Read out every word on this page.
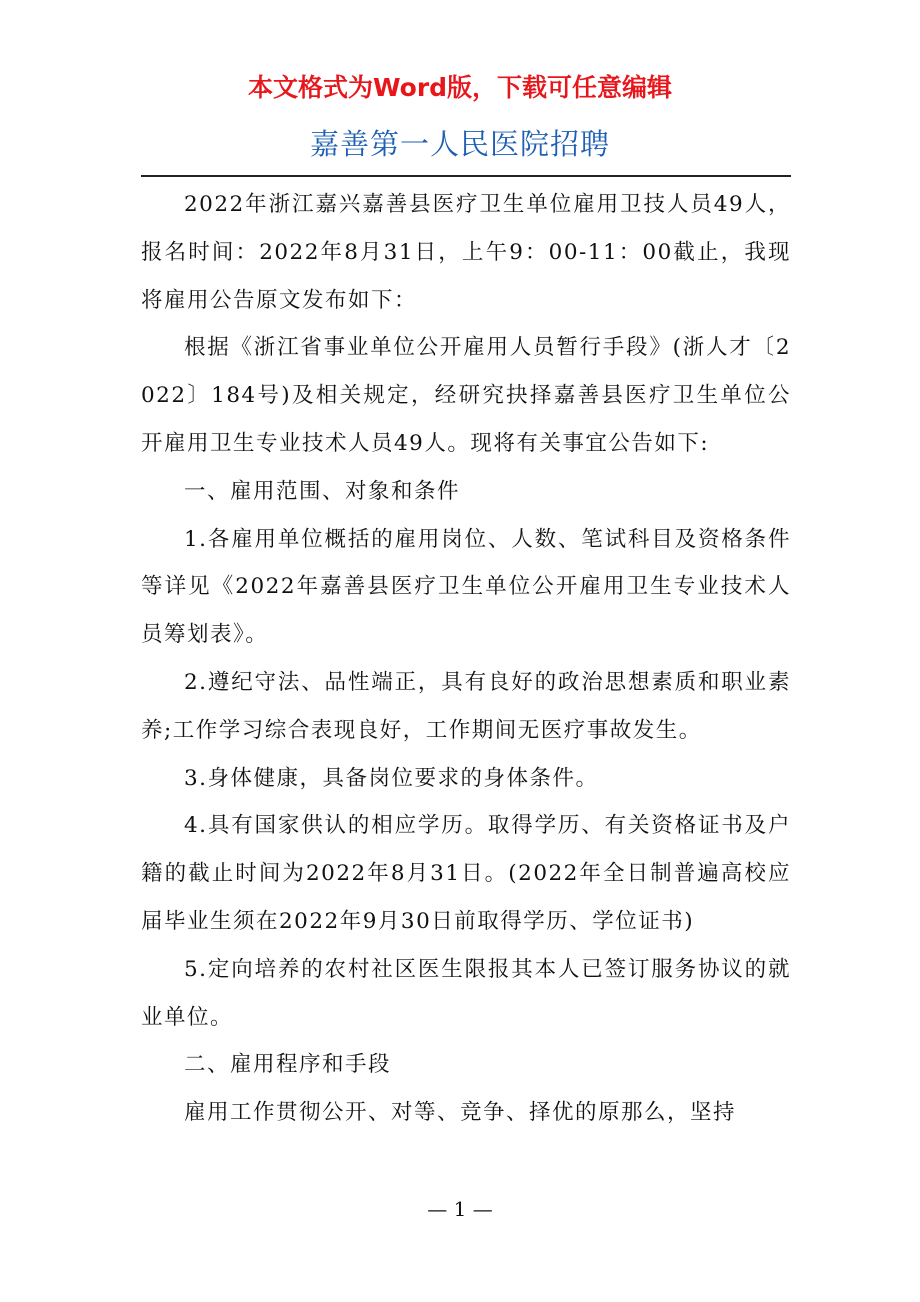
本文格式为Word版，下载可任意编辑
嘉善第一人民医院招聘

2022年浙江嘉兴嘉善县医疗卫生单位雇用卫技人员49人，报名时间：2022年8月31日，上午9：00-11：00截止，我现将雇用公告原文发布如下：

根据《浙江省事业单位公开雇用人员暂行手段》(浙人才〔2022〕184号)及相关规定，经研究抉择嘉善县医疗卫生单位公开雇用卫生专业技术人员49人。现将有关事宜公告如下:

一、雇用范围、对象和条件

1.各雇用单位概括的雇用岗位、人数、笔试科目及资格条件等详见《2022年嘉善县医疗卫生单位公开雇用卫生专业技术人员筹划表》。

2.遵纪守法、品性端正，具有良好的政治思想素质和职业素养;工作学习综合表现良好，工作期间无医疗事故发生。

3.身体健康，具备岗位要求的身体条件。

4.具有国家供认的相应学历。取得学历、有关资格证书及户籍的截止时间为2022年8月31日。(2022年全日制普遍高校应届毕业生须在2022年9月30日前取得学历、学位证书)

5.定向培养的农村社区医生限报其本人已签订服务协议的就业单位。

二、雇用程序和手段

雇用工作贯彻公开、对等、竞争、择优的原那么，坚持

— 1 —
